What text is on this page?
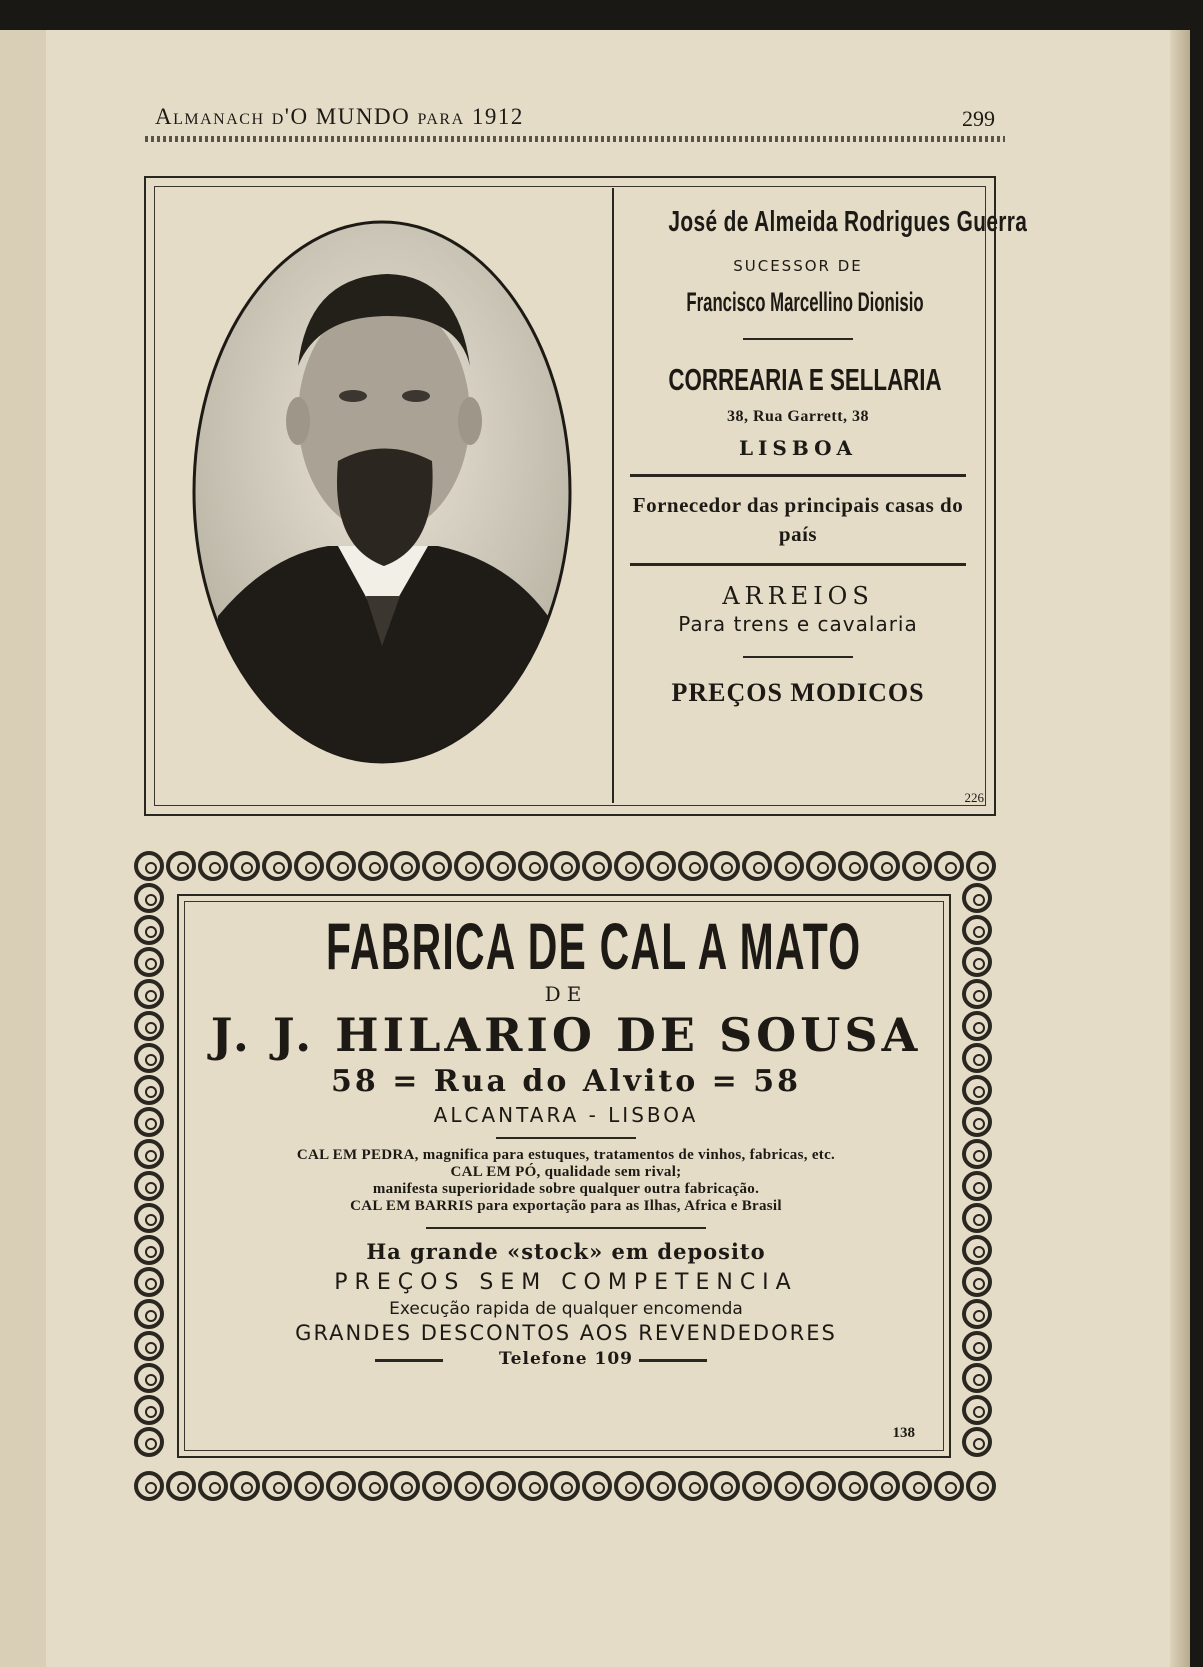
Almanach d'O MUNDO para 1912	299
José de Almeida Rodrigues Guerra
SUCESSOR DE
Francisco Marcellino Dionisio
CORREARIA E SELLARIA
38, Rua Garrett, 38
LISBOA
Fornecedor das principais casas do país
ARREIOS
Para trens e cavalaria
PREÇOS MODICOS
226
FABRICA DE CAL A MATO
DE
J. J. HILARIO DE SOUSA
58 = Rua do Alvito = 58
ALCANTARA - LISBOA
CAL EM PEDRA, magnifica para estuques, tratamentos de vinhos, fabricas, etc.
CAL EM PÓ, qualidade sem rival;
manifesta superioridade sobre qualquer outra fabricação.
CAL EM BARRIS para exportação para as Ilhas, Africa e Brasil
Ha grande «stock» em deposito
PREÇOS SEM COMPETENCIA
Execução rapida de qualquer encomenda
GRANDES DESCONTOS AOS REVENDEDORES
Telefone 109
138
